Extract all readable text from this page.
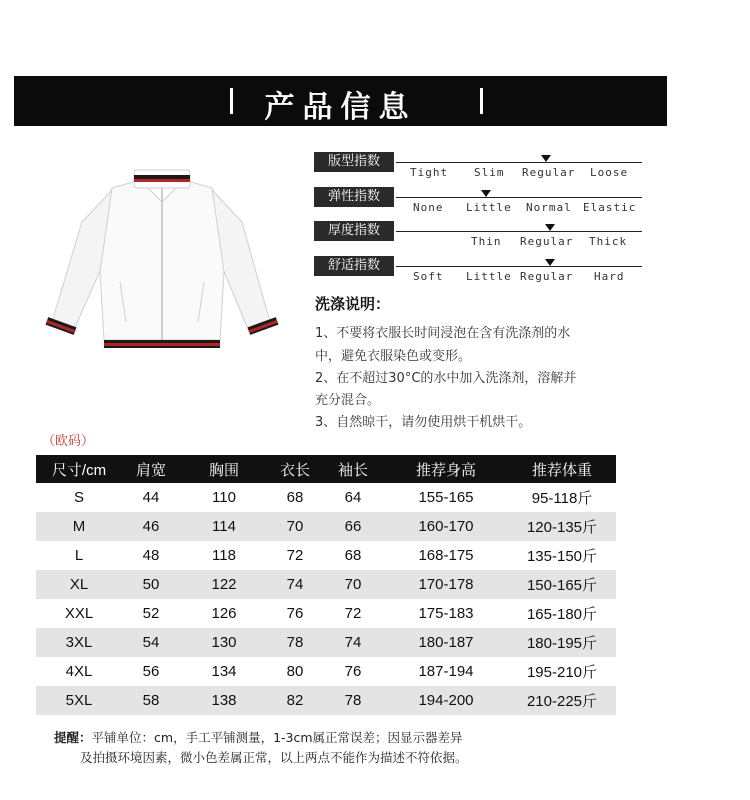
产品信息
版型指数
Tight Slim Regular Loose
弹性指数
None Little Normal Elastic
厚度指数
Thin Regular Thick
舒适指数
Soft Little Regular Hard
洗涤说明：
1、不要将衣服长时间浸泡在含有洗涤剂的水
中，避免衣服染色或变形。
2、在不超过30°C的水中加入洗涤剂，溶解并
充分混合。
3、自然晾干，请勿使用烘干机烘干。
（欧码）
尺寸/cm	肩宽	胸围	衣长	袖长	推荐身高	推荐体重
S	44	110	68	64	155-165	95-118斤
M	46	114	70	66	160-170	120-135斤
L	48	118	72	68	168-175	135-150斤
XL	50	122	74	70	170-178	150-165斤
XXL	52	126	76	72	175-183	165-180斤
3XL	54	130	78	74	180-187	180-195斤
4XL	56	134	80	76	187-194	195-210斤
5XL	58	138	82	78	194-200	210-225斤
提醒：平铺单位：cm，手工平铺测量，1-3cm属正常误差；因显示器差异
及拍摄环境因素，微小色差属正常，以上两点不能作为描述不符依据。
